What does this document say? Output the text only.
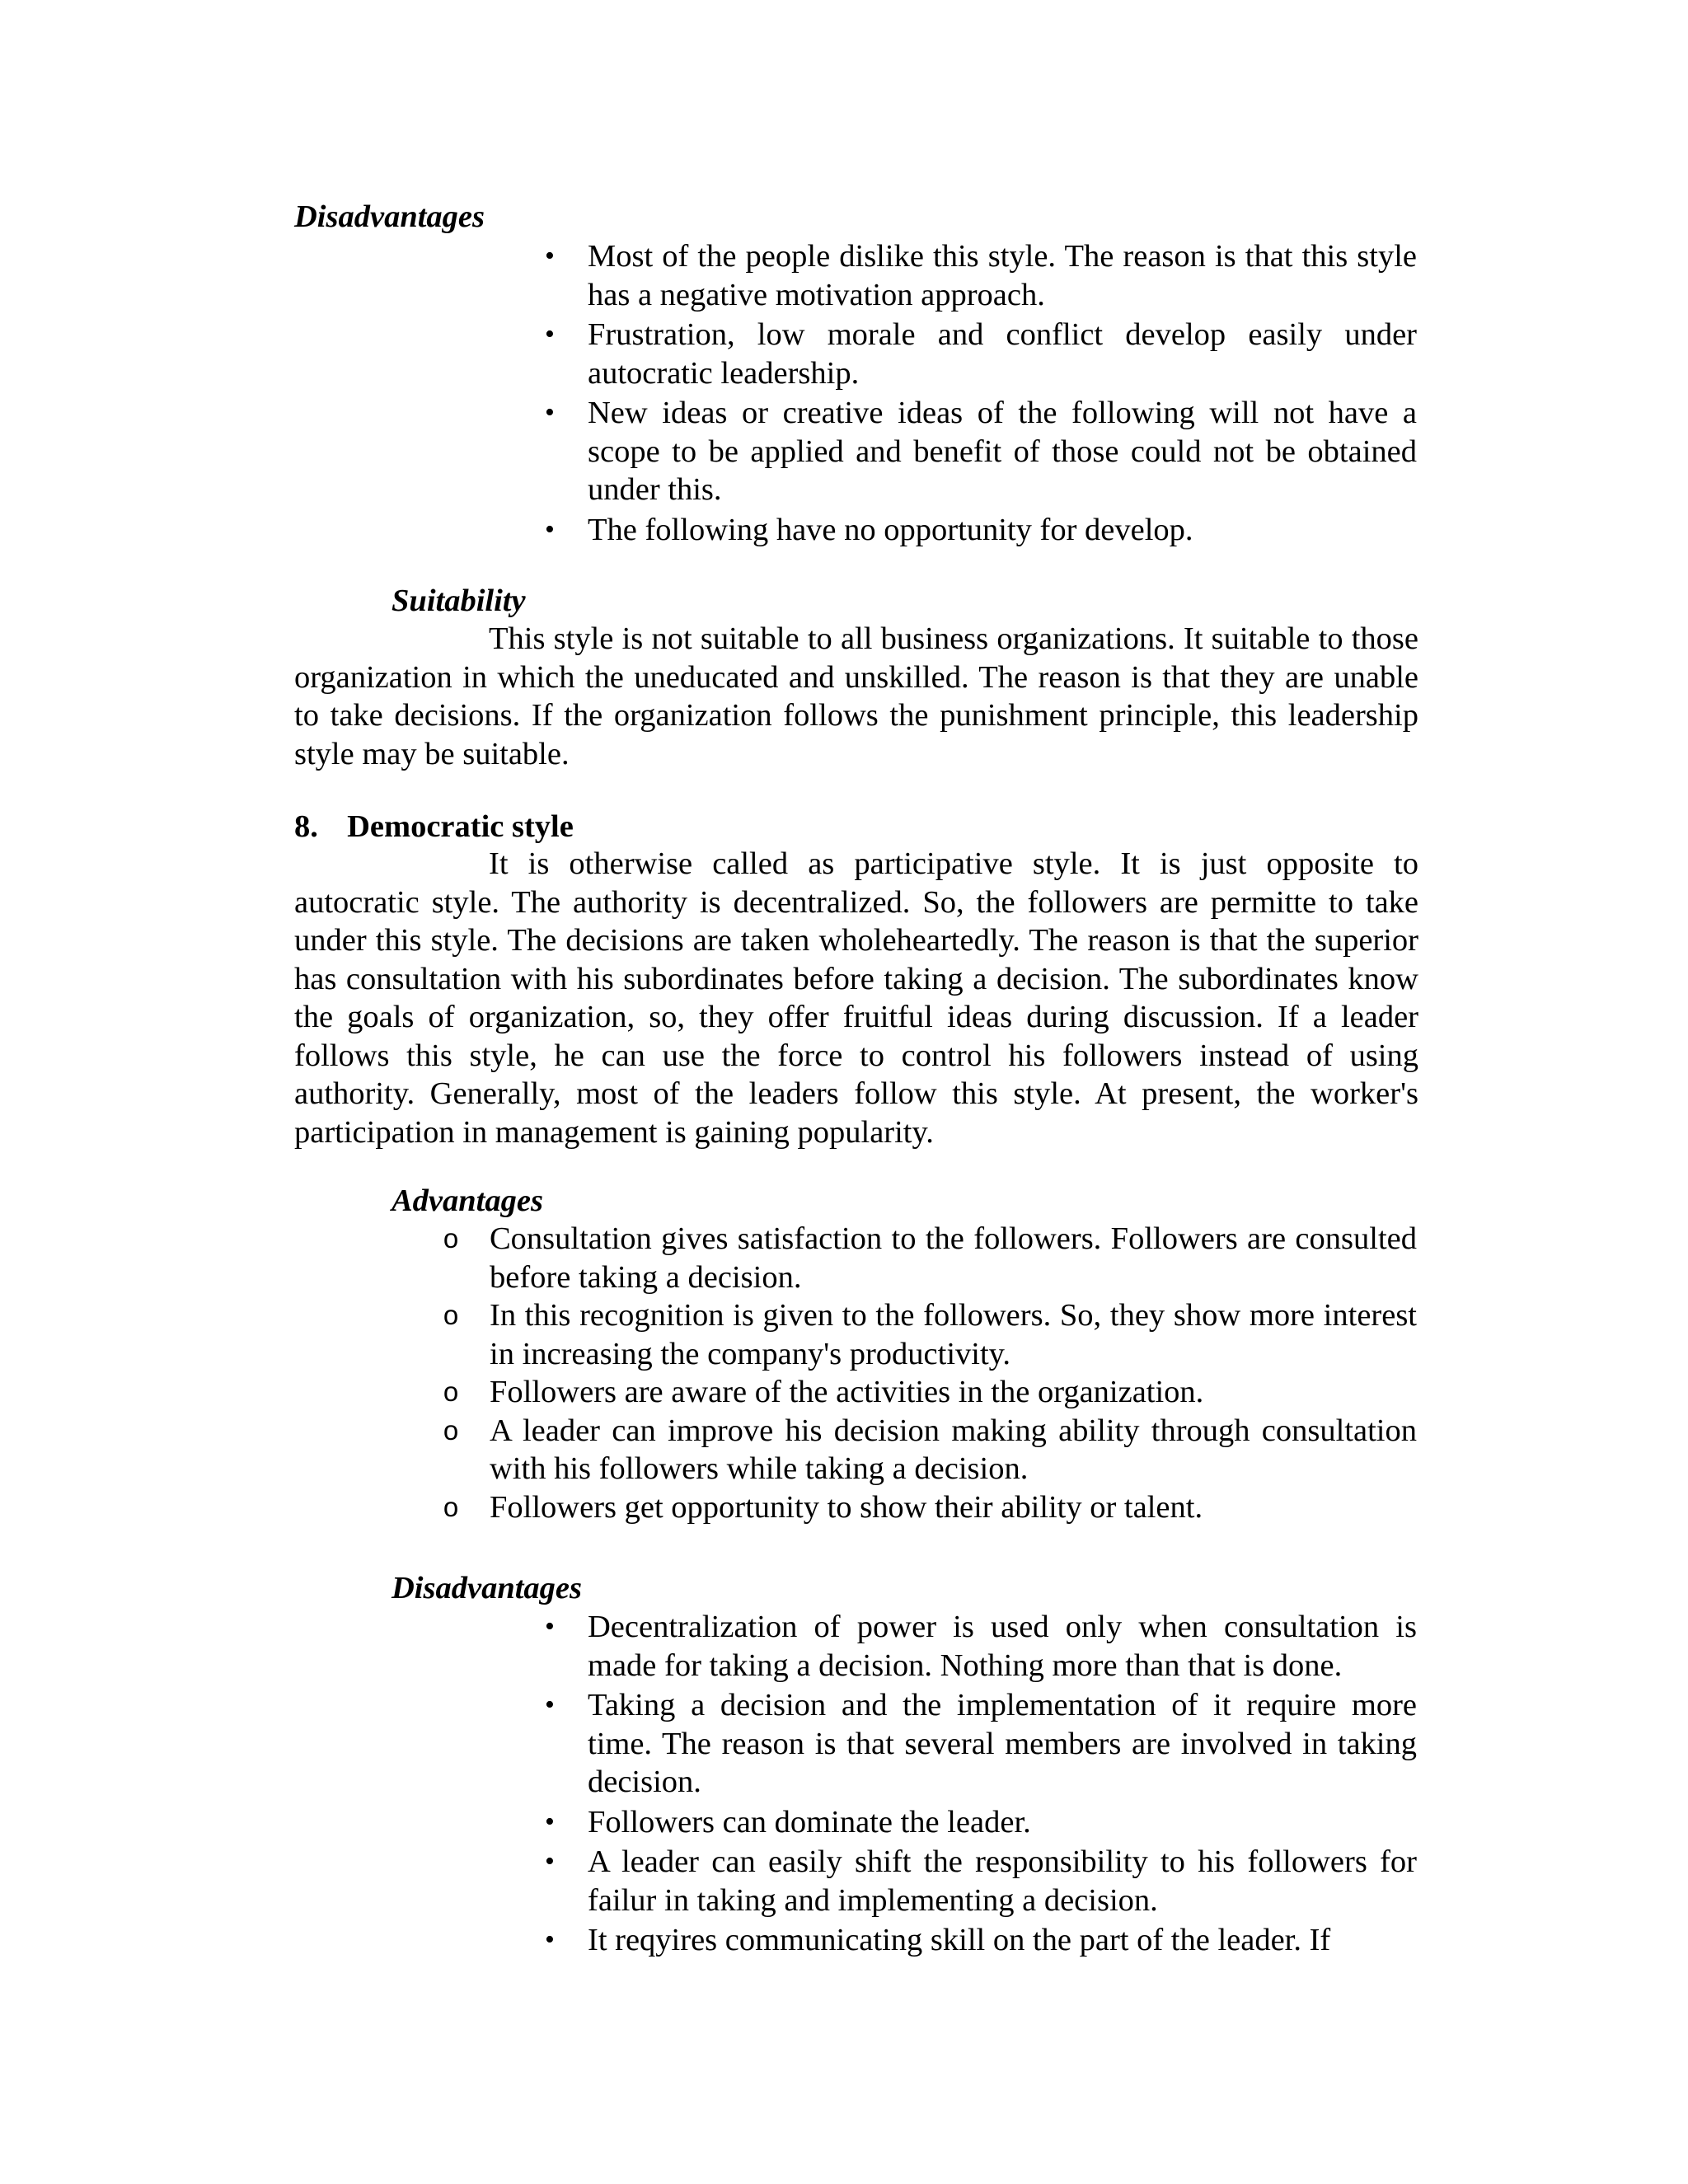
Disadvantages
• Most of the people dislike this style. The reason is that this style has a negative motivation approach.
• Frustration, low morale and conflict develop easily under autocratic leadership.
• New ideas or creative ideas of the following will not have a scope to be applied and benefit of those could not be obtained under this.
• The following have no opportunity for develop.
Suitability
This style is not suitable to all business organizations. It suitable to those organization in which the uneducated and unskilled. The reason is that they are unable to take decisions. If the organization follows the punishment principle, this leadership style may be suitable.
8. Democratic style
It is otherwise called as participative style. It is just opposite to autocratic style. The authority is decentralized. So, the followers are permitte to take under this style. The decisions are taken wholeheartedly. The reason is that the superior has consultation with his subordinates before taking a decision. The subordinates know the goals of organization, so, they offer fruitful ideas during discussion. If a leader follows this style, he can use the force to control his followers instead of using authority. Generally, most of the leaders follow this style. At present, the worker's participation in management is gaining popularity.
Advantages
o Consultation gives satisfaction to the followers. Followers are consulted before taking a decision.
o In this recognition is given to the followers. So, they show more interest in increasing the company's productivity.
o Followers are aware of the activities in the organization.
o A leader can improve his decision making ability through consultation with his followers while taking a decision.
o Followers get opportunity to show their ability or talent.
Disadvantages
• Decentralization of power is used only when consultation is made for taking a decision. Nothing more than that is done.
• Taking a decision and the implementation of it require more time. The reason is that several members are involved in taking decision.
• Followers can dominate the leader.
• A leader can easily shift the responsibility to his followers for failur in taking and implementing a decision.
• It reqyires communicating skill on the part of the leader. If
